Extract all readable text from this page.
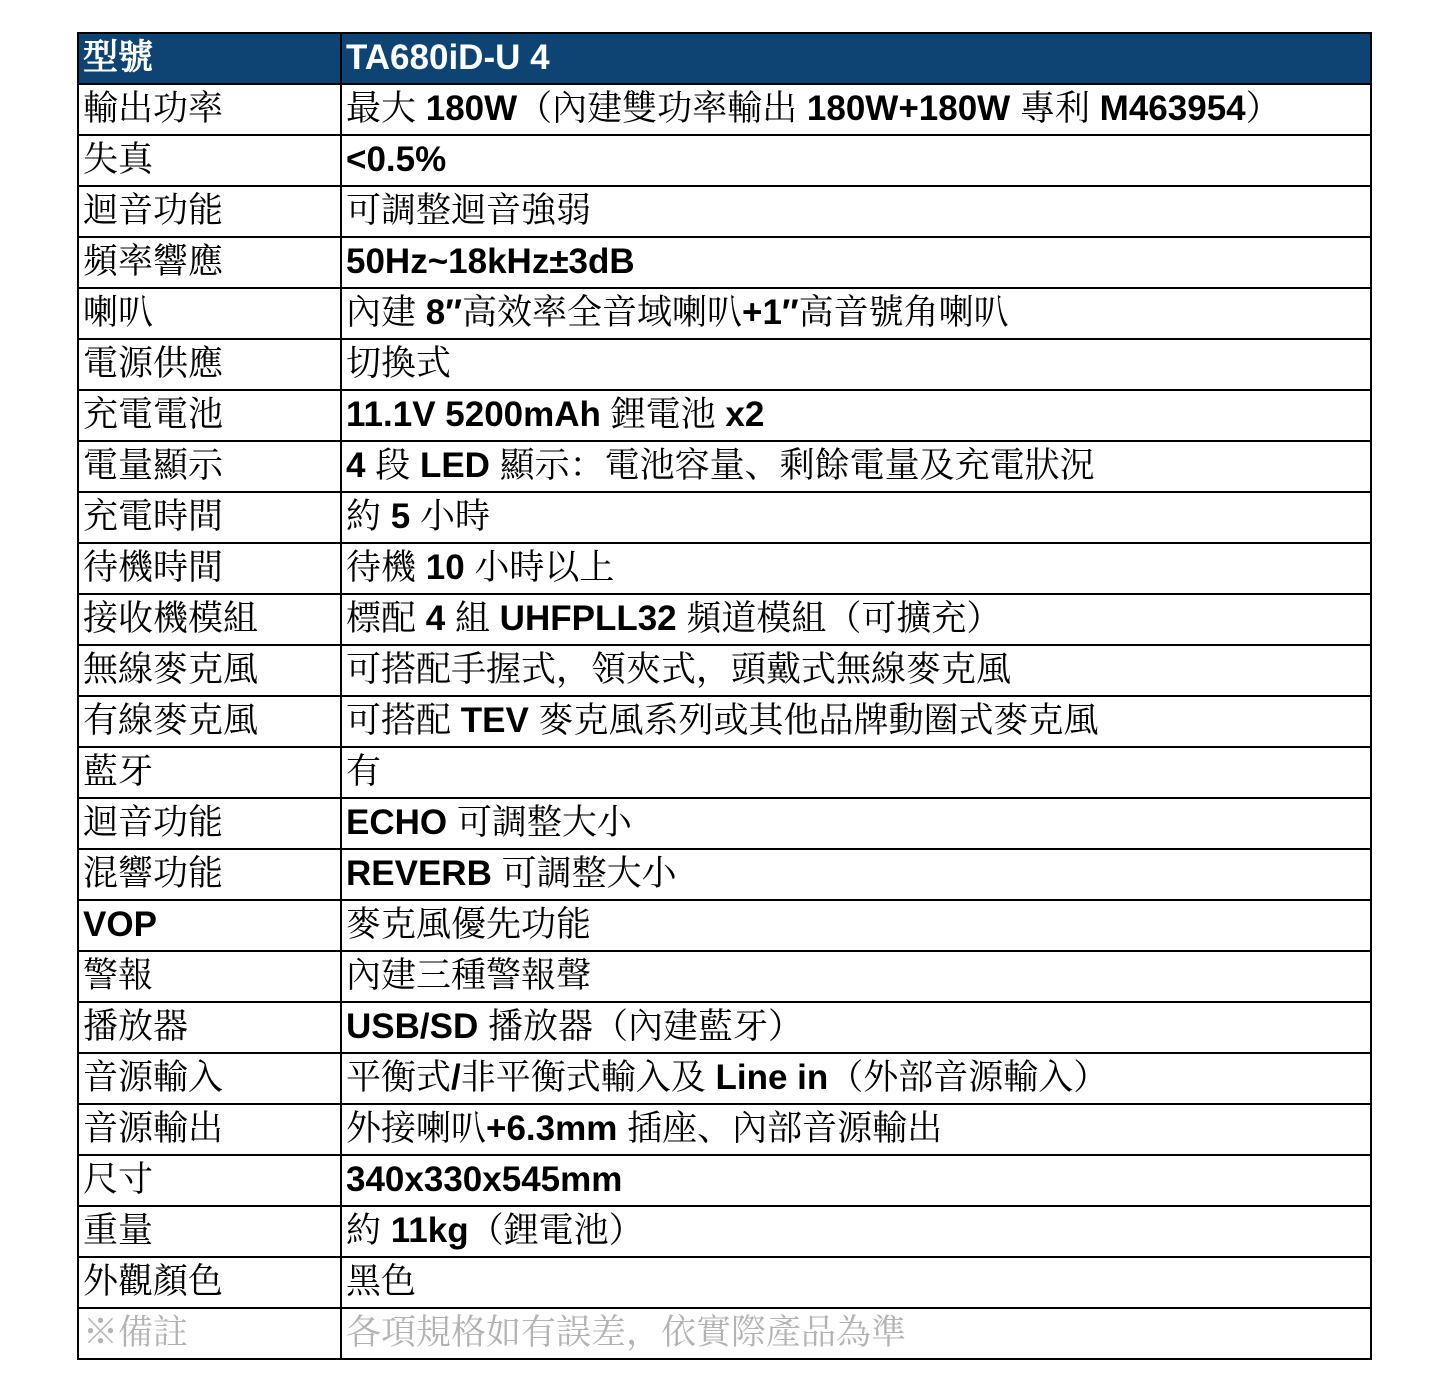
型號	TA680iD-U 4
輸出功率	最大 180W（內建雙功率輸出 180W+180W 專利 M463954）
失真	<0.5%
迴音功能	可調整迴音強弱
頻率響應	50Hz~18kHz±3dB
喇叭	內建 8″高效率全音域喇叭+1″高音號角喇叭
電源供應	切換式
充電電池	11.1V 5200mAh 鋰電池 x2
電量顯示	4 段 LED 顯示：電池容量、剩餘電量及充電狀況
充電時間	約 5 小時
待機時間	待機 10 小時以上
接收機模組	標配 4 組 UHFPLL32 頻道模組（可擴充）
無線麥克風	可搭配手握式，領夾式，頭戴式無線麥克風
有線麥克風	可搭配 TEV 麥克風系列或其他品牌動圈式麥克風
藍牙	有
迴音功能	ECHO 可調整大小
混響功能	REVERB 可調整大小
VOP	麥克風優先功能
警報	內建三種警報聲
播放器	USB/SD 播放器（內建藍牙）
音源輸入	平衡式/非平衡式輸入及 Line in（外部音源輸入）
音源輸出	外接喇叭+6.3mm 插座、內部音源輸出
尺寸	340x330x545mm
重量	約 11kg（鋰電池）
外觀顏色	黑色
※備註	各項規格如有誤差，依實際產品為準
